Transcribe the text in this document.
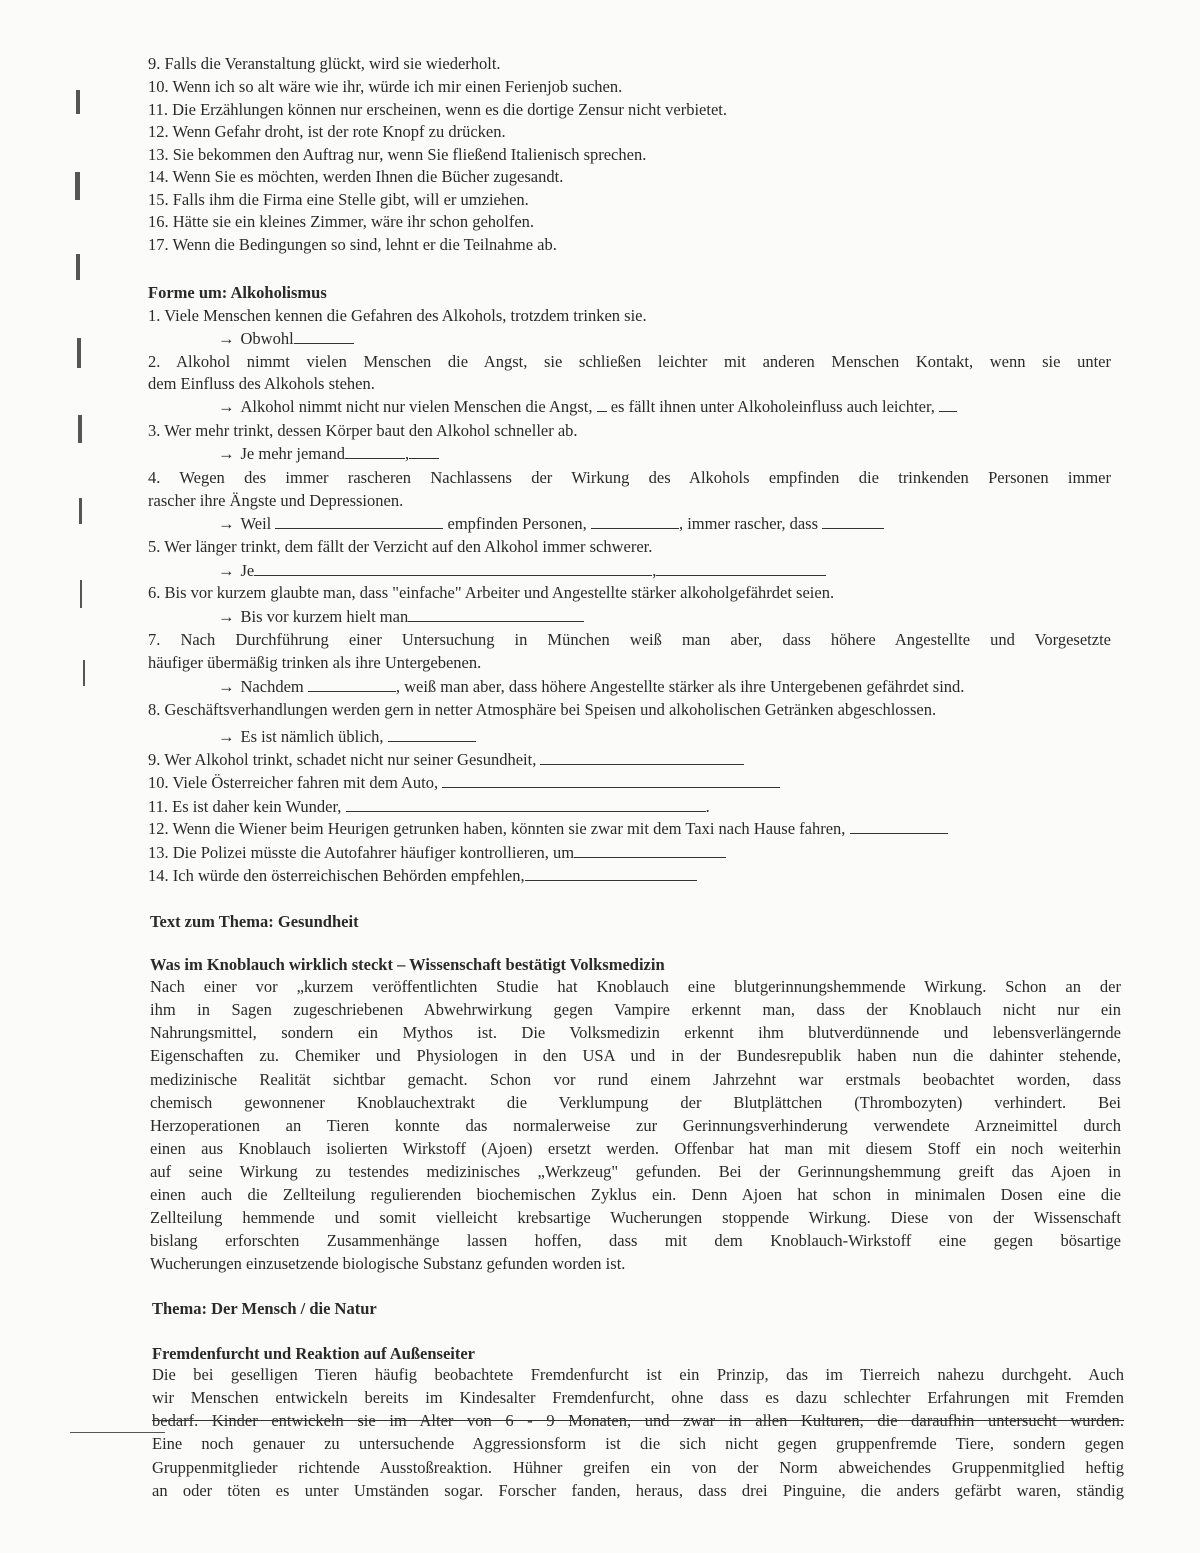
9. Falls die Veranstaltung glückt, wird sie wiederholt.
10. Wenn ich so alt wäre wie ihr, würde ich mir einen Ferienjob suchen.
11. Die Erzählungen können nur erscheinen, wenn es die dortige Zensur nicht verbietet.
12. Wenn Gefahr droht, ist der rote Knopf zu drücken.
13. Sie bekommen den Auftrag nur, wenn Sie fließend Italienisch sprechen.
14. Wenn Sie es möchten, werden Ihnen die Bücher zugesandt.
15. Falls ihm die Firma eine Stelle gibt, will er umziehen.
16. Hätte sie ein kleines Zimmer, wäre ihr schon geholfen.
17. Wenn die Bedingungen so sind, lehnt er die Teilnahme ab.
Forme um: Alkoholismus
1. Viele Menschen kennen die Gefahren des Alkohols, trotzdem trinken sie.
→ Obwohl
2. Alkohol nimmt vielen Menschen die Angst, sie schließen leichter mit anderen Menschen Kontakt, wenn sie unter
dem Einfluss des Alkohols stehen.
→ Alkohol nimmt nicht nur vielen Menschen die Angst, es fällt ihnen unter Alkoholeinfluss auch leichter,
3. Wer mehr trinkt, dessen Körper baut den Alkohol schneller ab.
→ Je mehr jemand	,
4. Wegen des immer rascheren Nachlassens der Wirkung des Alkohols empfinden die trinkenden Personen immer
rascher ihre Ängste und Depressionen.
→ Weil	empfinden Personen,	, immer rascher, dass
5. Wer länger trinkt, dem fällt der Verzicht auf den Alkohol immer schwerer.
→ Je	,
6. Bis vor kurzem glaubte man, dass "einfache" Arbeiter und Angestellte stärker alkoholgefährdet seien.
→ Bis vor kurzem hielt man
7. Nach Durchführung einer Untersuchung in München weiß man aber, dass höhere Angestellte und Vorgesetzte
häufiger übermäßig trinken als ihre Untergebenen.
→ Nachdem	, weiß man aber, dass höhere Angestellte stärker als ihre Untergebenen gefährdet sind.
8. Geschäftsverhandlungen werden gern in netter Atmosphäre bei Speisen und alkoholischen Getränken abgeschlossen.
→ Es ist nämlich üblich,
9. Wer Alkohol trinkt, schadet nicht nur seiner Gesundheit,
10. Viele Österreicher fahren mit dem Auto,
11. Es ist daher kein Wunder,	.
12. Wenn die Wiener beim Heurigen getrunken haben, könnten sie zwar mit dem Taxi nach Hause fahren,
13. Die Polizei müsste die Autofahrer häufiger kontrollieren, um
14. Ich würde den österreichischen Behörden empfehlen,
Text zum Thema: Gesundheit
Was im Knoblauch wirklich steckt – Wissenschaft bestätigt Volksmedizin
Nach einer vor „kurzem veröffentlichten Studie hat Knoblauch eine blutgerinnungshemmende Wirkung. Schon an der
ihm in Sagen zugeschriebenen Abwehrwirkung gegen Vampire erkennt man, dass der Knoblauch nicht nur ein
Nahrungsmittel, sondern ein Mythos ist. Die Volksmedizin erkennt ihm blutverdünnende und lebensverlängernde
Eigenschaften zu. Chemiker und Physiologen in den USA und in der Bundesrepublik haben nun die dahinter stehende,
medizinische Realität sichtbar gemacht. Schon vor rund einem Jahrzehnt war erstmals beobachtet worden, dass
chemisch gewonnener Knoblauchextrakt die Verklumpung der Blutplättchen (Thrombozyten) verhindert. Bei
Herzoperationen an Tieren konnte das normalerweise zur Gerinnungsverhinderung verwendete Arzneimittel durch
einen aus Knoblauch isolierten Wirkstoff (Ajoen) ersetzt werden. Offenbar hat man mit diesem Stoff ein noch weiterhin
auf seine Wirkung zu testendes medizinisches „Werkzeug" gefunden. Bei der Gerinnungshemmung greift das Ajoen in
einen auch die Zellteilung regulierenden biochemischen Zyklus ein. Denn Ajoen hat schon in minimalen Dosen eine die
Zellteilung hemmende und somit vielleicht krebsartige Wucherungen stoppende Wirkung. Diese von der Wissenschaft
bislang erforschten Zusammenhänge lassen hoffen, dass mit dem Knoblauch-Wirkstoff eine gegen bösartige
Wucherungen einzusetzende biologische Substanz gefunden worden ist.
Thema: Der Mensch / die Natur
Fremdenfurcht und Reaktion auf Außenseiter
Die bei geselligen Tieren häufig beobachtete Fremdenfurcht ist ein Prinzip, das im Tierreich nahezu durchgeht. Auch
wir Menschen entwickeln bereits im Kindesalter Fremdenfurcht, ohne dass es dazu schlechter Erfahrungen mit Fremden
bedarf. Kinder entwickeln sie im Alter von 6 - 9 Monaten, und zwar in allen Kulturen, die daraufhin untersucht wurden.
Eine noch genauer zu untersuchende Aggressionsform ist die sich nicht gegen gruppenfremde Tiere, sondern gegen
Gruppenmitglieder richtende Ausstoßreaktion. Hühner greifen ein von der Norm abweichendes Gruppenmitglied heftig
an oder töten es unter Umständen sogar. Forscher fanden, heraus, dass drei Pinguine, die anders gefärbt waren, ständig
